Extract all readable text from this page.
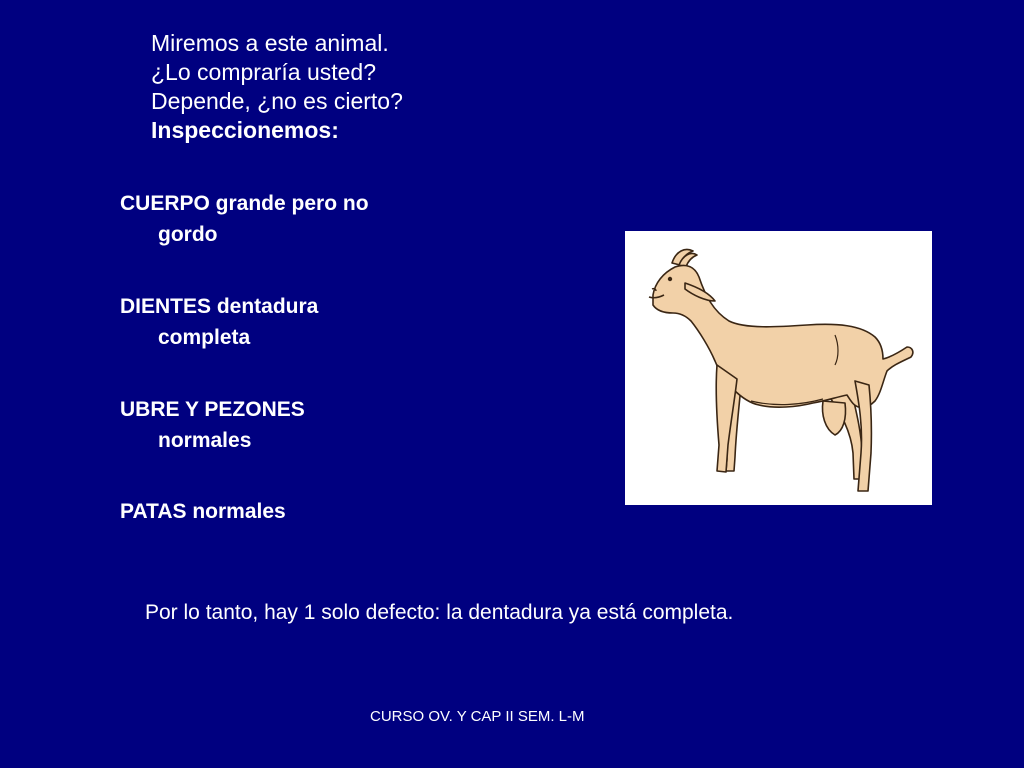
Miremos a este animal.
¿Lo compraría usted?
Depende, ¿no es cierto?
Inspeccionemos:
CUERPO grande pero no
gordo
DIENTES dentadura
completa
UBRE Y PEZONES
normales
PATAS normales
Por lo tanto, hay 1 solo defecto: la dentadura ya está completa.
CURSO OV. Y CAP II SEM. L-M
